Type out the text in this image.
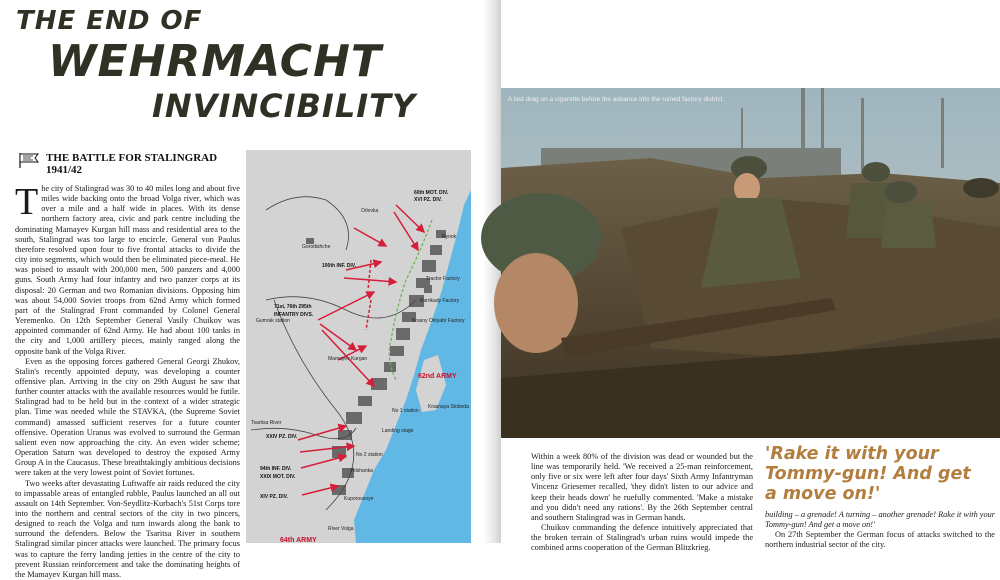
THE END OF
WEHRMACHT
INVINCIBILITY
THE BATTLE FOR STALINGRAD
1941/42

The city of Stalingrad was 30 to 40 miles long and about five miles wide backing onto the broad Volga river, which was over a mile and a half wide in places. With its dense northern factory area, civic and park centre including the dominating Mamayev Kurgan hill mass and residential area to the south, Stalingrad was too large to encircle. General von Paulus therefore resolved upon four to five frontal attacks to divide the city into segments, which would then be eliminated piece-meal. He was poised to assault with 200,000 men, 500 panzers and 4,000 guns. South Army had four infantry and two panzer corps at its disposal: 20 German and two Romanian divisions. Opposing him was about 54,000 Soviet troops from 62nd Army which formed part of the Stalingrad Front commanded by Colonel General Yeremenko. On 12th September General Vasily Chuikov was appointed commander of 62nd Army. He had about 100 tanks in the city and 1,000 artillery pieces, mainly ranged along the opposite bank of the Volga River.

Even as the opposing forces gathered General Georgi Zhukov, Stalin's recently appointed deputy, was developing a counter offensive plan. Arriving in the city on 29th August he saw that further counter attacks with the available resources would be futile. Stalingrad had to be held but in the context of a wider strategic plan. Time was needed while the STAVKA, (the Supreme Soviet command) amassed sufficient reserves for a future counter offensive. Operation Uranus was evolved to surround the German salient even now approaching the city. An even wider scheme; Operation Saturn was developed to destroy the exposed Army Group A in the Caucasus. These breathtakingly ambitious decisions were taken at the very lowest point of Soviet fortunes.

Two weeks after devastating Luftwaffe air raids reduced the city to impassable areas of entangled rubble, Paulus launched an all out assault on 14th September. Von-Seydlitz-Kurbach's 51st Corps tore into the northern and central sectors of the city in two pincers, designed to reach the Volga and turn inwards along the bank to surround the defenders. Below the Tsaritsa River in southern Stalingrad similar pincer attacks were launched. The primary focus was to capture the ferry landing jetties in the centre of the city to prevent Russian reinforcement and take the dominating heights of the Mamayev Kurgan hill mass.

Orlovka
Rynok
Gorodishche
Tractor Factory
Barrikady Factory
Krasny Oktyabr Factory
Gumrak station
Mamayev Kurgan
Tsaritsa River
No 1 station
Krasnaya Sloboda
Landing stage
No 2 station
Yelshanka
Kuporosnoye
River Volga
60th MOT. DIV.
XVI PZ. DIV.
100th INF. DIV.
71st, 76th 295th
INFANTRY DIVS.
XXIV PZ. DIV.
94th INF. DIV.
XXIX MOT. DIV.
XIV PZ. DIV.
62nd ARMY
64th ARMY
A last drag on a cigarette before the advance into the ruined factory district.

Within a week 80% of the division was dead or wounded but the line was temporarily held. 'We received a 25-man reinforcement, only five or six were left after four days' Sixth Army Infantryman Vincenz Griesemer recalled, 'they didn't listen to our advice and keep their heads down' he ruefully commented. 'Make a mistake and you didn't need any rations'. By the 26th September central and southern Stalingrad was in German hands.

Chuikov commanding the defence intuitively appreciated that the broken terrain of Stalingrad's urban ruins would impede the combined arms cooperation of the German Blitzkrieg.

'Rake it with your
Tommy-gun! And get
a move on!'

building – a grenade! A turning – another grenade! Rake it with your Tommy-gun! And get a move on!'

On 27th September the German focus of attacks switched to the northern industrial sector of the city.
